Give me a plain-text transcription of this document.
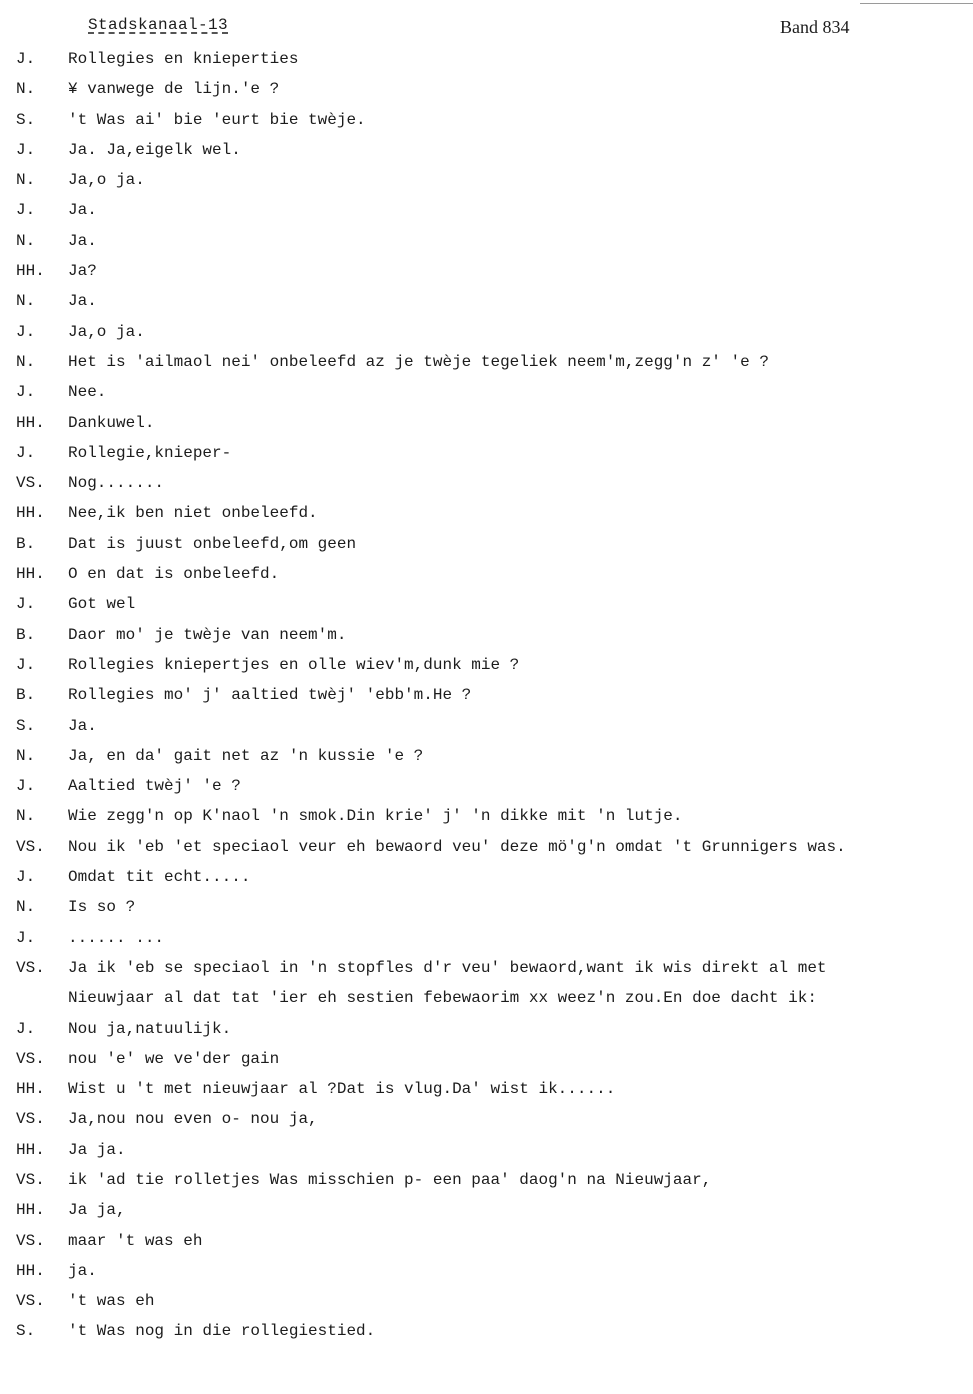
Stadskanaal-13	Band 834
J. Rollegies en knieperties
N. ¥ vanwege de lijn.'e ?
S. 't Was ai' bie 'eurt bie twèje.
J. Ja. Ja,eigelk wel.
N. Ja,o ja.
J. Ja.
N. Ja.
HH. Ja?
N. Ja.
J. Ja,o ja.
N. Het is 'ailmaol nei' onbeleefd az je twèje tegeliek neem'm,zegg'n z' 'e ?
J. Nee.
HH. Dankuwel.
J. Rollegie,knieper-
VS. Nog.......
HH. Nee,ik ben niet onbeleefd.
B. Dat is juust onbeleefd,om geen
HH. O en dat is onbeleefd.
J. Got wel
B. Daor mo' je twèje van neem'm.
J. Rollegies kniepertjes en olle wiev'm,dunk mie ?
B. Rollegies mo' j' aaltied twèj' 'ebb'm.He ?
S. Ja.
N. Ja, en da' gait net az 'n kussie 'e ?
J. Aaltied twèj' 'e ?
N. Wie zegg'n op K'naol 'n smok.Din krie' j' 'n dikke mit 'n lutje.
VS. Nou ik 'eb 'et speciaol veur eh bewaord veu' deze mö'g'n omdat 't Grunnigers was.
J. Omdat tit echt.....
N. Is so ?
J. ...... ...
VS. Ja ik 'eb se speciaol in 'n stopfles d'r veu' bewaord,want ik wis direkt al met
Nieuwjaar al dat tat 'ier eh sestien febewaorim xx weez'n zou.En doe dacht ik:
J. Nou ja,natuulijk.
VS. nou 'e' we ve'der gain
HH. Wist u 't met nieuwjaar al ?Dat is vlug.Da' wist ik......
VS. Ja,nou nou even o- nou ja,
HH. Ja ja.
VS. ik 'ad tie rolletjes Was misschien p- een paa' daog'n na Nieuwjaar,
HH. Ja ja,
VS. maar 't was eh
HH. ja.
VS. 't was eh
S. 't Was nog in die rollegiestied.
